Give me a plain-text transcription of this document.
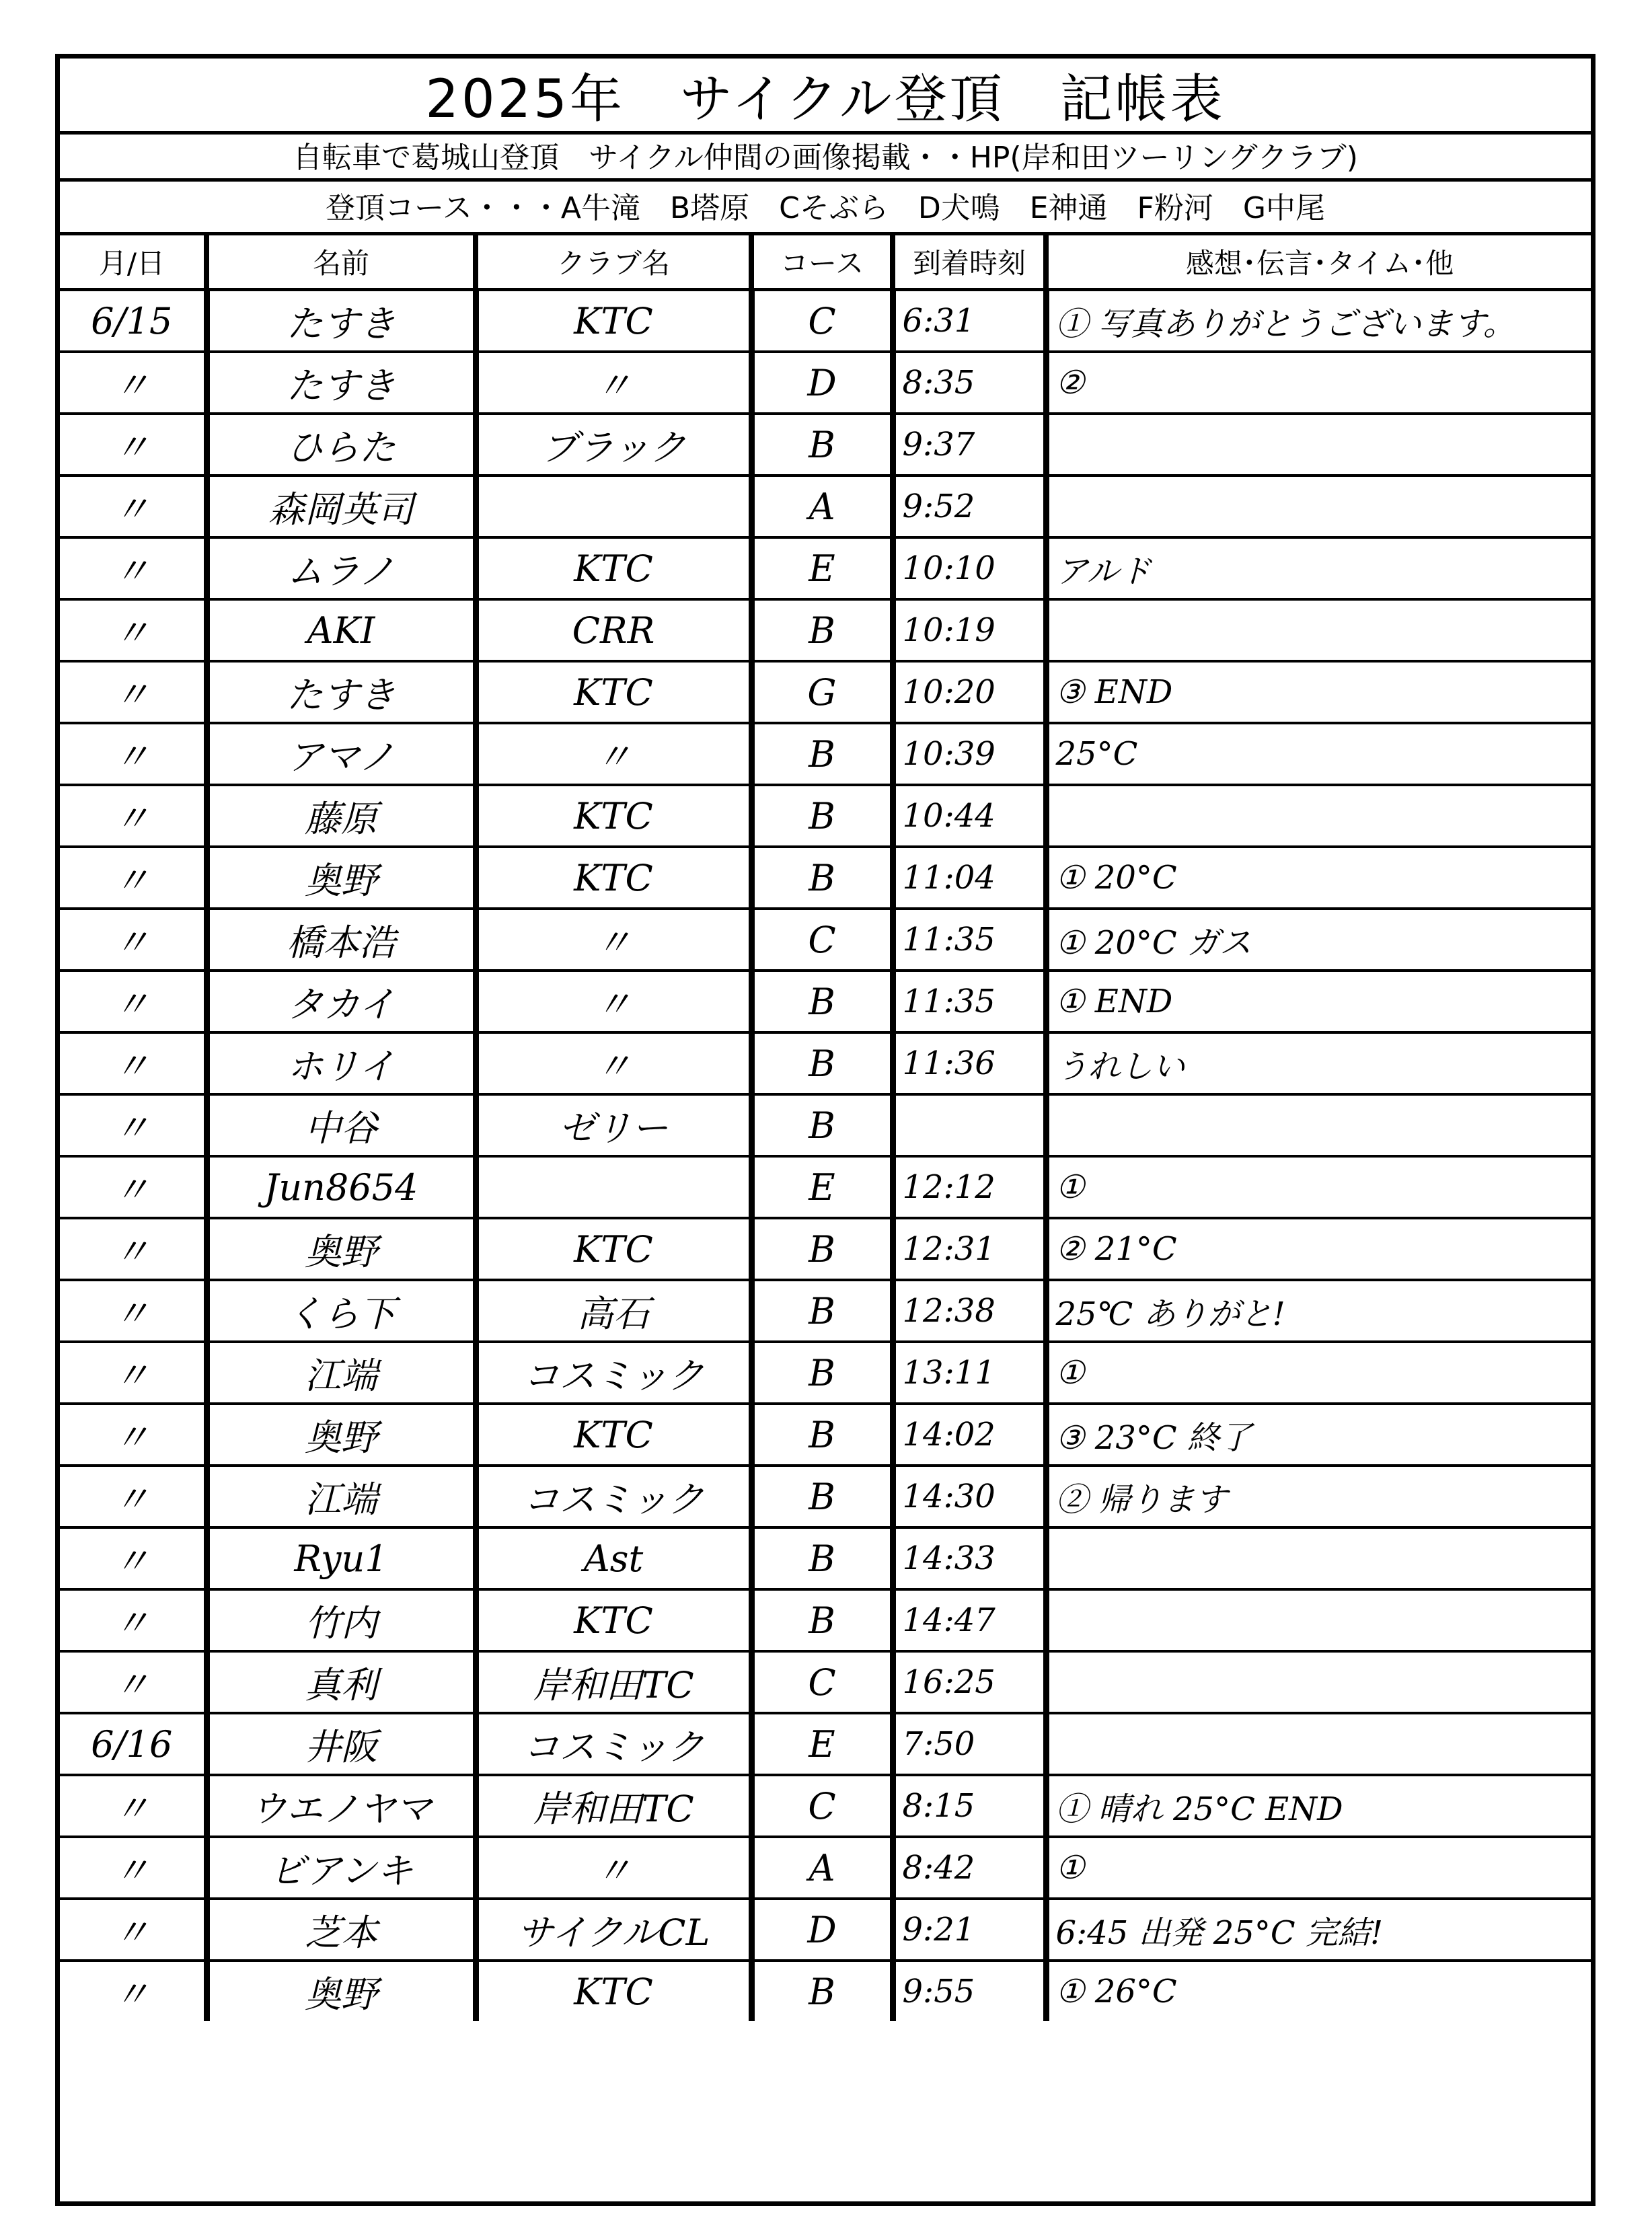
2025年　サイクル登頂　記帳表
自転車で葛城山登頂　サイクル仲間の画像掲載・・HP(岸和田ツーリングクラブ)
登頂コース・・・A牛滝　B塔原　Cそぶら　D犬鳴　E神通　F粉河　G中尾
月/日	名前	クラブ名	コース	到着時刻	感想･伝言･タイム･他
6/15	たすき	KTC	C	6:31	① 写真ありがとうございます。
〃	たすき	〃	D	8:35	②
〃	ひらた	ブラック	B	9:37	
〃	森岡英司		A	9:52	
〃	ムラノ	KTC	E	10:10	アルド
〃	AKI	CRR	B	10:19	
〃	たすき	KTC	G	10:20	③ END
〃	アマノ	〃	B	10:39	25°C
〃	藤原	KTC	B	10:44	
〃	奥野	KTC	B	11:04	① 20°C
〃	橋本浩	〃	C	11:35	① 20°C ガス
〃	タカイ	〃	B	11:35	① END
〃	ホリイ	〃	B	11:36	うれしい
〃	中谷	ゼリー	B		
〃	Jun8654		E	12:12	①
〃	奥野	KTC	B	12:31	② 21°C
〃	くら下	高石	B	12:38	25℃ ありがと!
〃	江端	コスミック	B	13:11	①
〃	奥野	KTC	B	14:02	③ 23°C 終了
〃	江端	コスミック	B	14:30	② 帰ります
〃	Ryu1	Ast	B	14:33	
〃	竹内	KTC	B	14:47	
〃	真利	岸和田TC	C	16:25	
6/16	井阪	コスミック	E	7:50	
〃	ウエノヤマ	岸和田TC	C	8:15	① 晴れ 25°C END
〃	ビアンキ	〃	A	8:42	①
〃	芝本	サイクルCL	D	9:21	6:45 出発 25°C 完結!
〃	奥野	KTC	B	9:55	① 26°C
